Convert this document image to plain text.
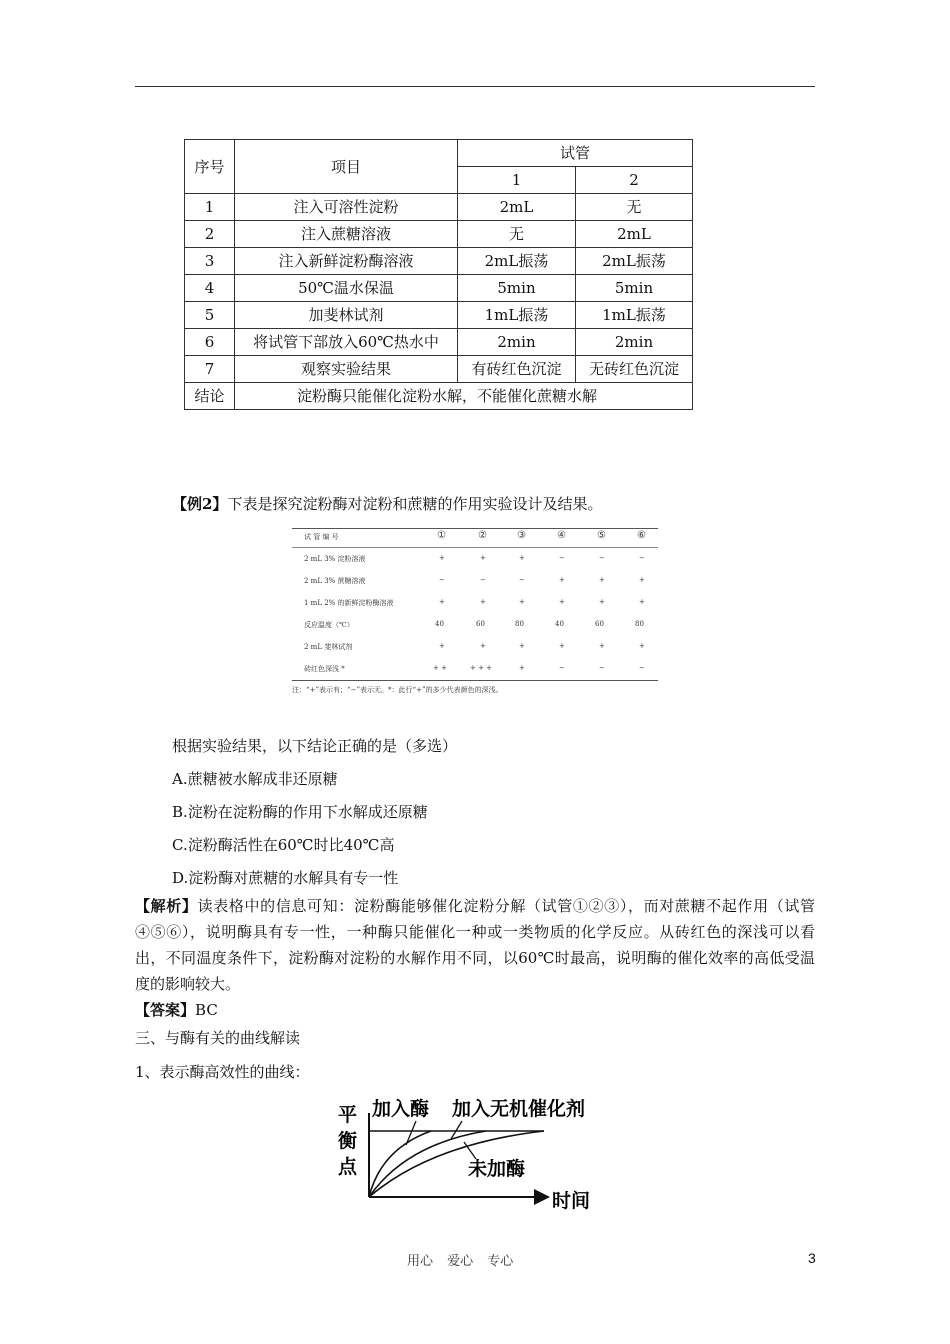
序号	项目	试管	
		1	2
1	注入可溶性淀粉	2mL	无
2	注入蔗糖溶液	无	2mL
3	注入新鲜淀粉酶溶液	2mL振荡	2mL振荡
4	50℃温水保温	5min	5min
5	加斐林试剂	1mL振荡	1mL振荡
6	将试管下部放入60℃热水中	2min	2min
7	观察实验结果	有砖红色沉淀	无砖红色沉淀
结论	淀粉酶只能催化淀粉水解，不能催化蔗糖水解		
【例2】下表是探究淀粉酶对淀粉和蔗糖的作用实验设计及结果。
试 管 编 号	①	②	③	④	⑤	⑥
2 mL 3% 淀粉溶液	+	+	+	−	−	−
2 mL 3% 蔗糖溶液	−	−	−	+	+	+
1 mL 2% 的新鲜淀粉酶溶液	+	+	+	+	+	+
反应温度（℃）	40	60	80	40	60	80
2 mL 斐林试剂	+	+	+	+	+	+
砖红色深浅 *	+ +	+ + +	+	−	−	−
注：“+”表示有；“−”表示无。*：此行“+”的多少代表颜色的深浅。
根据实验结果，以下结论正确的是（多选）
A.蔗糖被水解成非还原糖
B.淀粉在淀粉酶的作用下水解成还原糖
C.淀粉酶活性在60℃时比40℃高
D.淀粉酶对蔗糖的水解具有专一性
【解析】读表格中的信息可知：淀粉酶能够催化淀粉分解（试管①②③），而对蔗糖不起作用（试管④⑤⑥），说明酶具有专一性，一种酶只能催化一种或一类物质的化学反应。从砖红色的深浅可以看出，不同温度条件下，淀粉酶对淀粉的水解作用不同，以60℃时最高，说明酶的催化效率的高低受温度的影响较大。
【答案】BC
三、与酶有关的曲线解读
1、表示酶高效性的曲线：
平
衡
点
加入酶 加入无机催化剂
未加酶
时间
用心 爱心 专心	3
